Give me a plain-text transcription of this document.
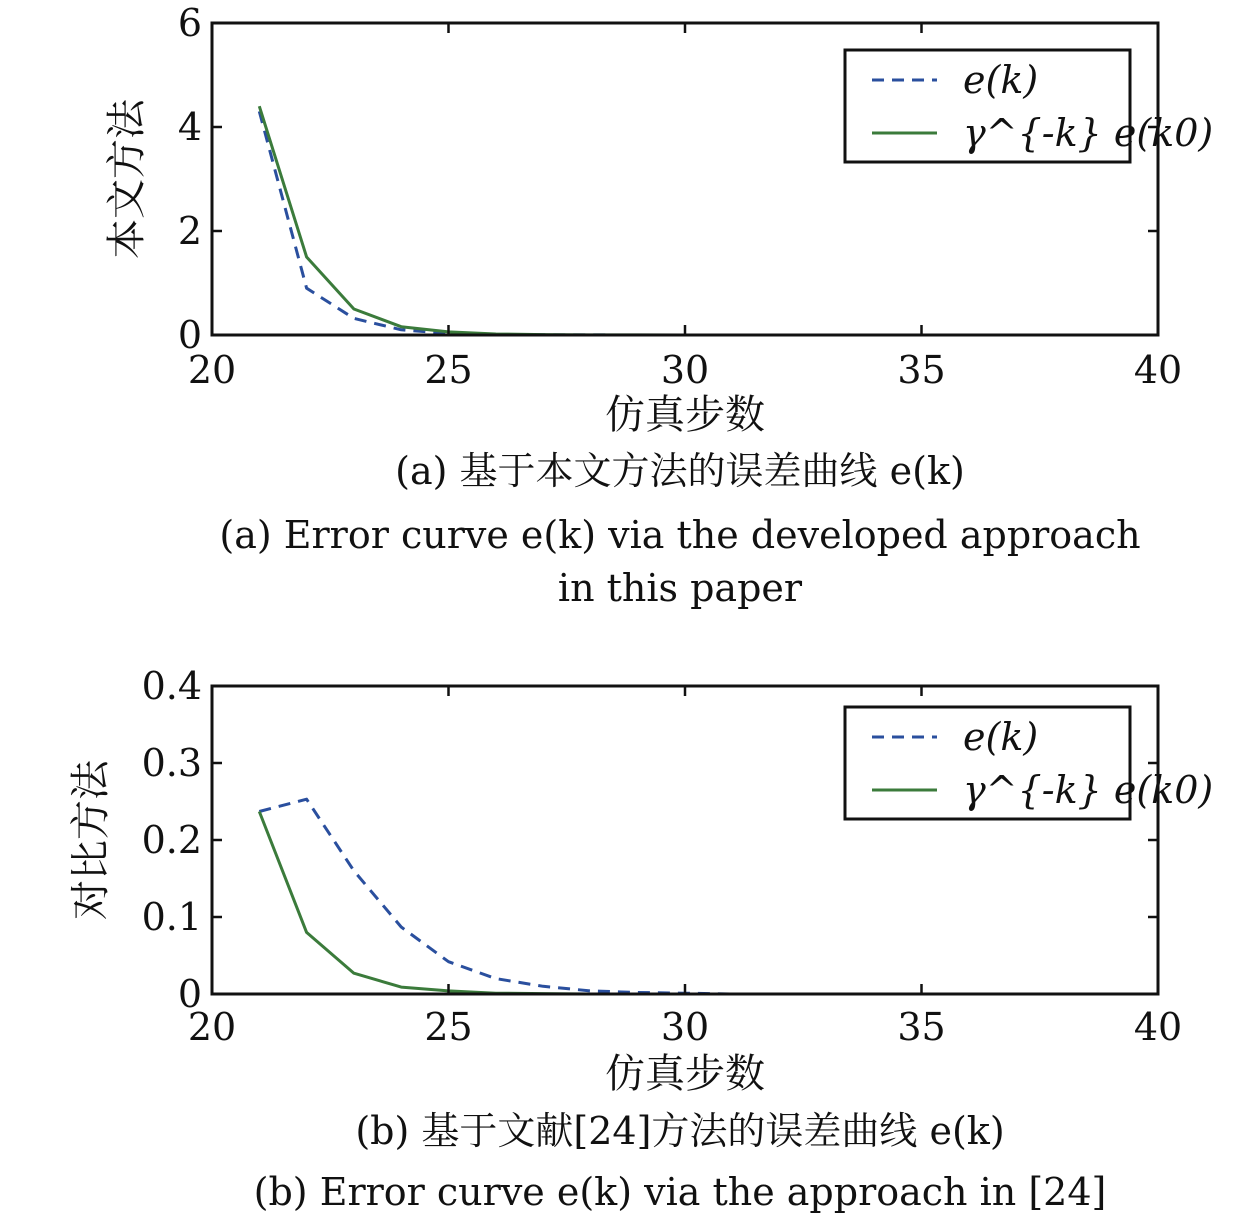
20	25	30	35	40
0
2
4
6
仿真步数
本文方法
e(k)
γ^{-k} e(k0)
(a) 基于本文方法的误差曲线 e(k)
(a) Error curve e(k) via the developed approach
in this paper
20	25	30	35	40
0
0.1
0.2
0.3
0.4
仿真步数
对比方法
e(k)
γ^{-k} e(k0)
(b) 基于文献[24]方法的误差曲线 e(k)
(b) Error curve e(k) via the approach in [24]
